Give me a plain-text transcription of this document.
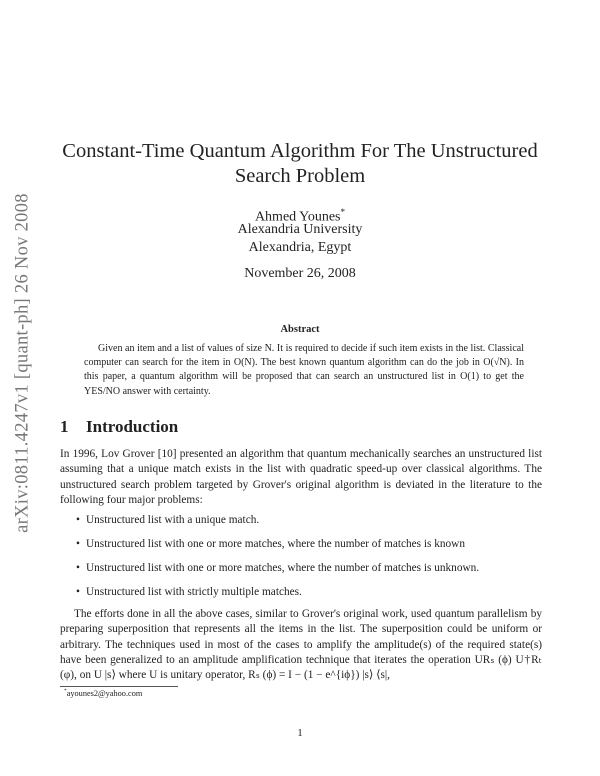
arXiv:0811.4247v1 [quant-ph] 26 Nov 2008
Constant-Time Quantum Algorithm For The Unstructured
Search Problem
Ahmed Younes*
Alexandria University
Alexandria, Egypt
November 26, 2008
Abstract
Given an item and a list of values of size N. It is required to decide if such item exists in the list. Classical computer can search for the item in O(N). The best known quantum algorithm can do the job in O(√N). In this paper, a quantum algorithm will be proposed that can search an unstructured list in O(1) to get the YES/NO answer with certainty.
1 Introduction
In 1996, Lov Grover [10] presented an algorithm that quantum mechanically searches an unstructured list assuming that a unique match exists in the list with quadratic speed-up over classical algorithms. The unstructured search problem targeted by Grover's original algorithm is deviated in the literature to the following four major problems:
• Unstructured list with a unique match.
• Unstructured list with one or more matches, where the number of matches is known
• Unstructured list with one or more matches, where the number of matches is unknown.
• Unstructured list with strictly multiple matches.
The efforts done in all the above cases, similar to Grover's original work, used quantum parallelism by preparing superposition that represents all the items in the list. The superposition could be uniform or arbitrary. The techniques used in most of the cases to amplify the amplitude(s) of the required state(s) have been generalized to an amplitude amplification technique that iterates the operation URₛ (ϕ) U†Rₜ (φ), on U |s⟩ where U is unitary operator, Rₛ (ϕ) = I − (1 − e^{iϕ}) |s⟩ ⟨s|,
*ayounes2@yahoo.com
1
